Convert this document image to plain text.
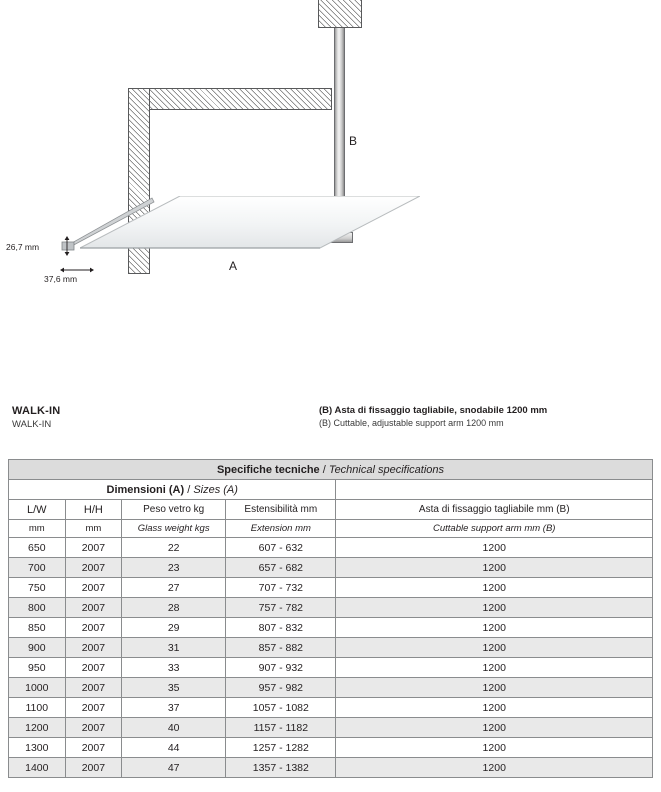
B
A
26,7 mm
37,6 mm
WALK-IN
WALK-IN
(B) Asta di fissaggio tagliabile, snodabile 1200 mm
(B) Cuttable, adjustable support arm 1200 mm
Specifiche tecniche / Technical specifications				

Dimensioni (A) / Sizes (A)				

L/W	H/H	Peso vetro kg	Estensibilità mm	Asta di fissaggio tagliabile mm (B)
mm	mm	Glass weight kgs	Extension mm	Cuttable support arm mm (B)
650	2007	22	607 - 632	1200
700	2007	23	657 - 682	1200
750	2007	27	707 - 732	1200
800	2007	28	757 - 782	1200
850	2007	29	807 - 832	1200
900	2007	31	857 - 882	1200
950	2007	33	907 - 932	1200
1000	2007	35	957 - 982	1200
1100	2007	37	1057 - 1082	1200
1200	2007	40	1157 - 1182	1200
1300	2007	44	1257 - 1282	1200
1400	2007	47	1357 - 1382	1200
